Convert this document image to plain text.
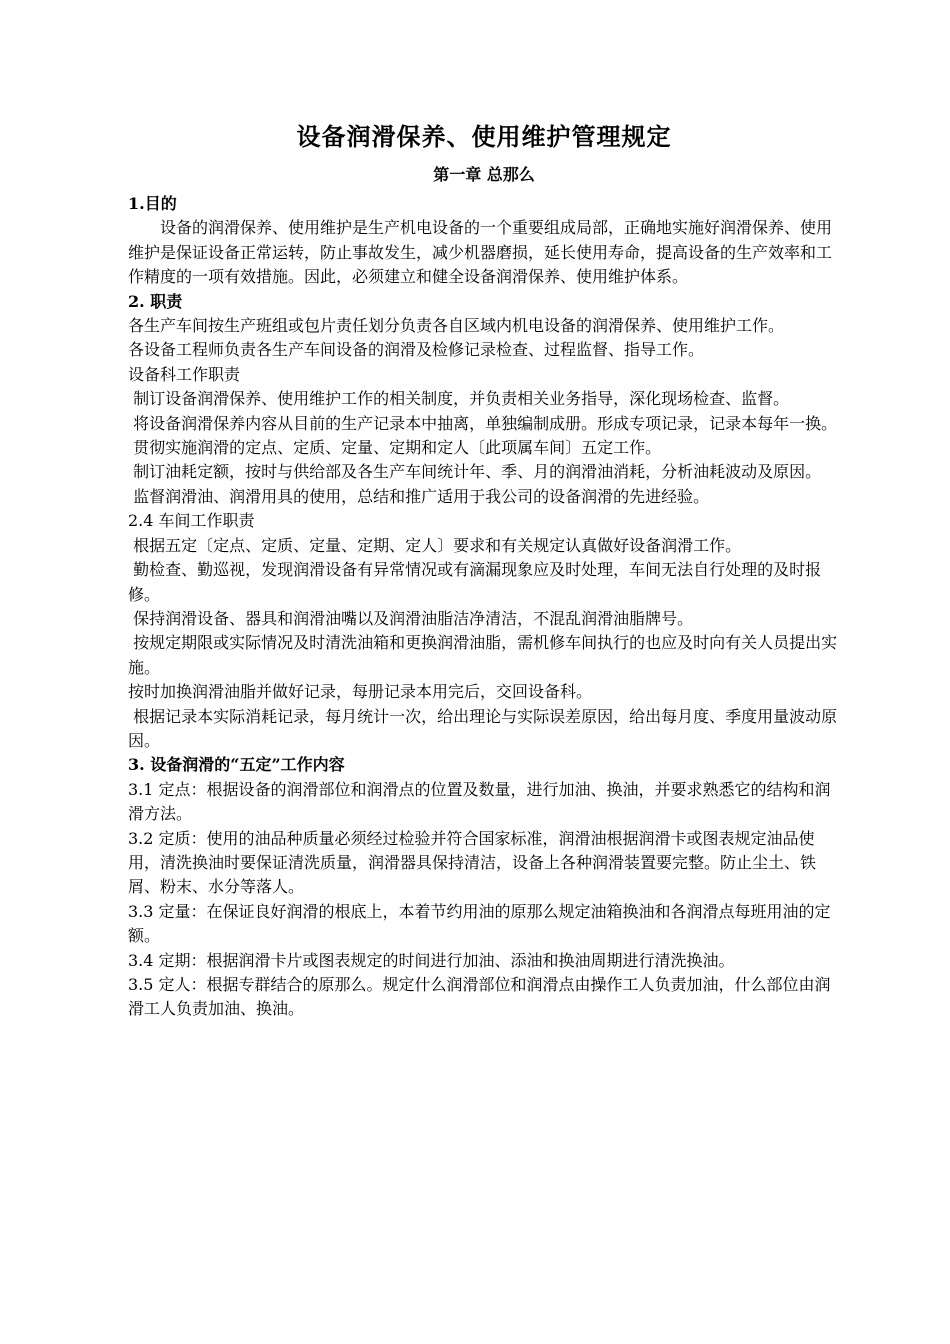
设备润滑保养、使用维护管理规定
第一章 总那么

1.目的

设备的润滑保养、使用维护是生产机电设备的一个重要组成局部，正确地实施好润滑保养、使用维护是保证设备正常运转，防止事故发生，减少机器磨损，延长使用寿命，提高设备的生产效率和工作精度的一项有效措施。因此，必须建立和健全设备润滑保养、使用维护体系。

2. 职责

各生产车间按生产班组或包片责任划分负责各自区域内机电设备的润滑保养、使用维护工作。

各设备工程师负责各生产车间设备的润滑及检修记录检查、过程监督、指导工作。

设备科工作职责

制订设备润滑保养、使用维护工作的相关制度，并负责相关业务指导，深化现场检查、监督。

将设备润滑保养内容从目前的生产记录本中抽离，单独编制成册。形成专项记录，记录本每年一换。

贯彻实施润滑的定点、定质、定量、定期和定人〔此项属车间〕五定工作。

制订油耗定额，按时与供给部及各生产车间统计年、季、月的润滑油消耗，分析油耗波动及原因。

监督润滑油、润滑用具的使用，总结和推广适用于我公司的设备润滑的先进经验。

2.4 车间工作职责

根据五定〔定点、定质、定量、定期、定人〕要求和有关规定认真做好设备润滑工作。

勤检查、勤巡视，发现润滑设备有异常情况或有滴漏现象应及时处理，车间无法自行处理的及时报修。

保持润滑设备、器具和润滑油嘴以及润滑油脂洁净清洁，不混乱润滑油脂牌号。

按规定期限或实际情况及时清洗油箱和更换润滑油脂，需机修车间执行的也应及时向有关人员提出实施。

按时加换润滑油脂并做好记录，每册记录本用完后，交回设备科。

根据记录本实际消耗记录，每月统计一次，给出理论与实际误差原因，给出每月度、季度用量波动原因。

3. 设备润滑的“五定”工作内容

3.1 定点：根据设备的润滑部位和润滑点的位置及数量，进行加油、换油，并要求熟悉它的结构和润滑方法。

3.2 定质：使用的油品种质量必须经过检验并符合国家标准，润滑油根据润滑卡或图表规定油品使用，清洗换油时要保证清洗质量，润滑器具保持清洁，设备上各种润滑装置要完整。防止尘土、铁屑、粉末、水分等落人。

3.3 定量：在保证良好润滑的根底上，本着节约用油的原那么规定油箱换油和各润滑点每班用油的定额。

3.4 定期：根据润滑卡片或图表规定的时间进行加油、添油和换油周期进行清洗换油。

3.5 定人：根据专群结合的原那么。规定什么润滑部位和润滑点由操作工人负责加油，什么部位由润滑工人负责加油、换油。
